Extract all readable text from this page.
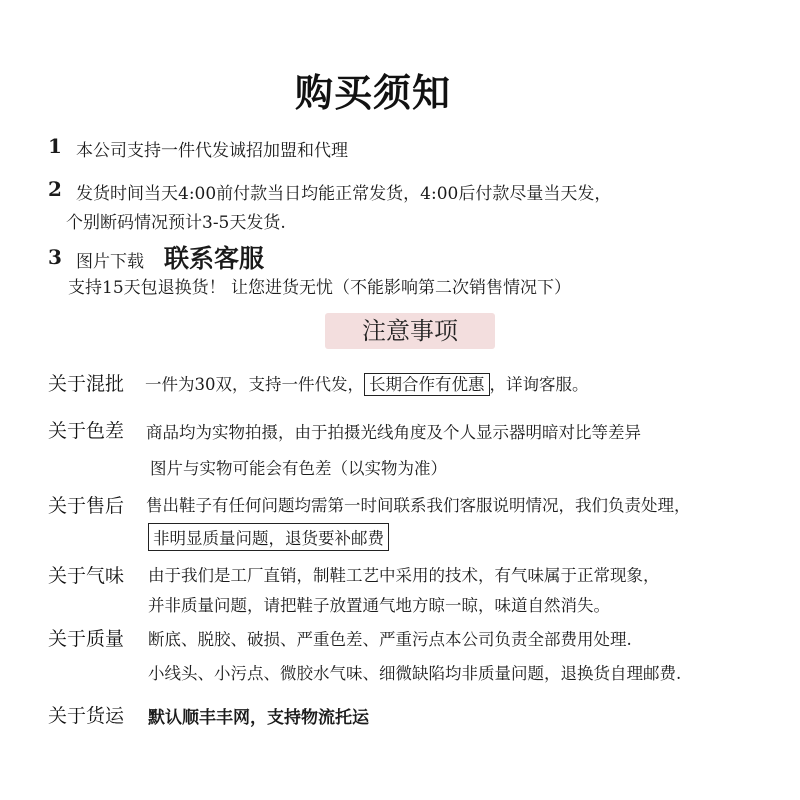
购买须知
1 本公司支持一件代发诚招加盟和代理
2 发货时间当天4:00前付款当日均能正常发货，4:00后付款尽量当天发，
个别断码情况预计3-5天发货.
3 图片下载 联系客服
支持15天包退换货！ 让您进货无忧（不能影响第二次销售情况下）
注意事项
关于混批 一件为30双，支持一件代发， 长期合作有优惠 ，详询客服。
关于色差 商品均为实物拍摄，由于拍摄光线角度及个人显示器明暗对比等差异
图片与实物可能会有色差（以实物为准）
关于售后 售出鞋子有任何问题均需第一时间联系我们客服说明情况，我们负责处理，
非明显质量问题，退货要补邮费
关于气味 由于我们是工厂直销，制鞋工艺中采用的技术，有气味属于正常现象，
并非质量问题，请把鞋子放置通气地方晾一晾，味道自然消失。
关于质量 断底、脱胶、破损、严重色差、严重污点本公司负责全部费用处理.
小线头、小污点、微胶水气味、细微缺陷均非质量问题，退换货自理邮费.
关于货运 默认顺丰丰网，支持物流托运
